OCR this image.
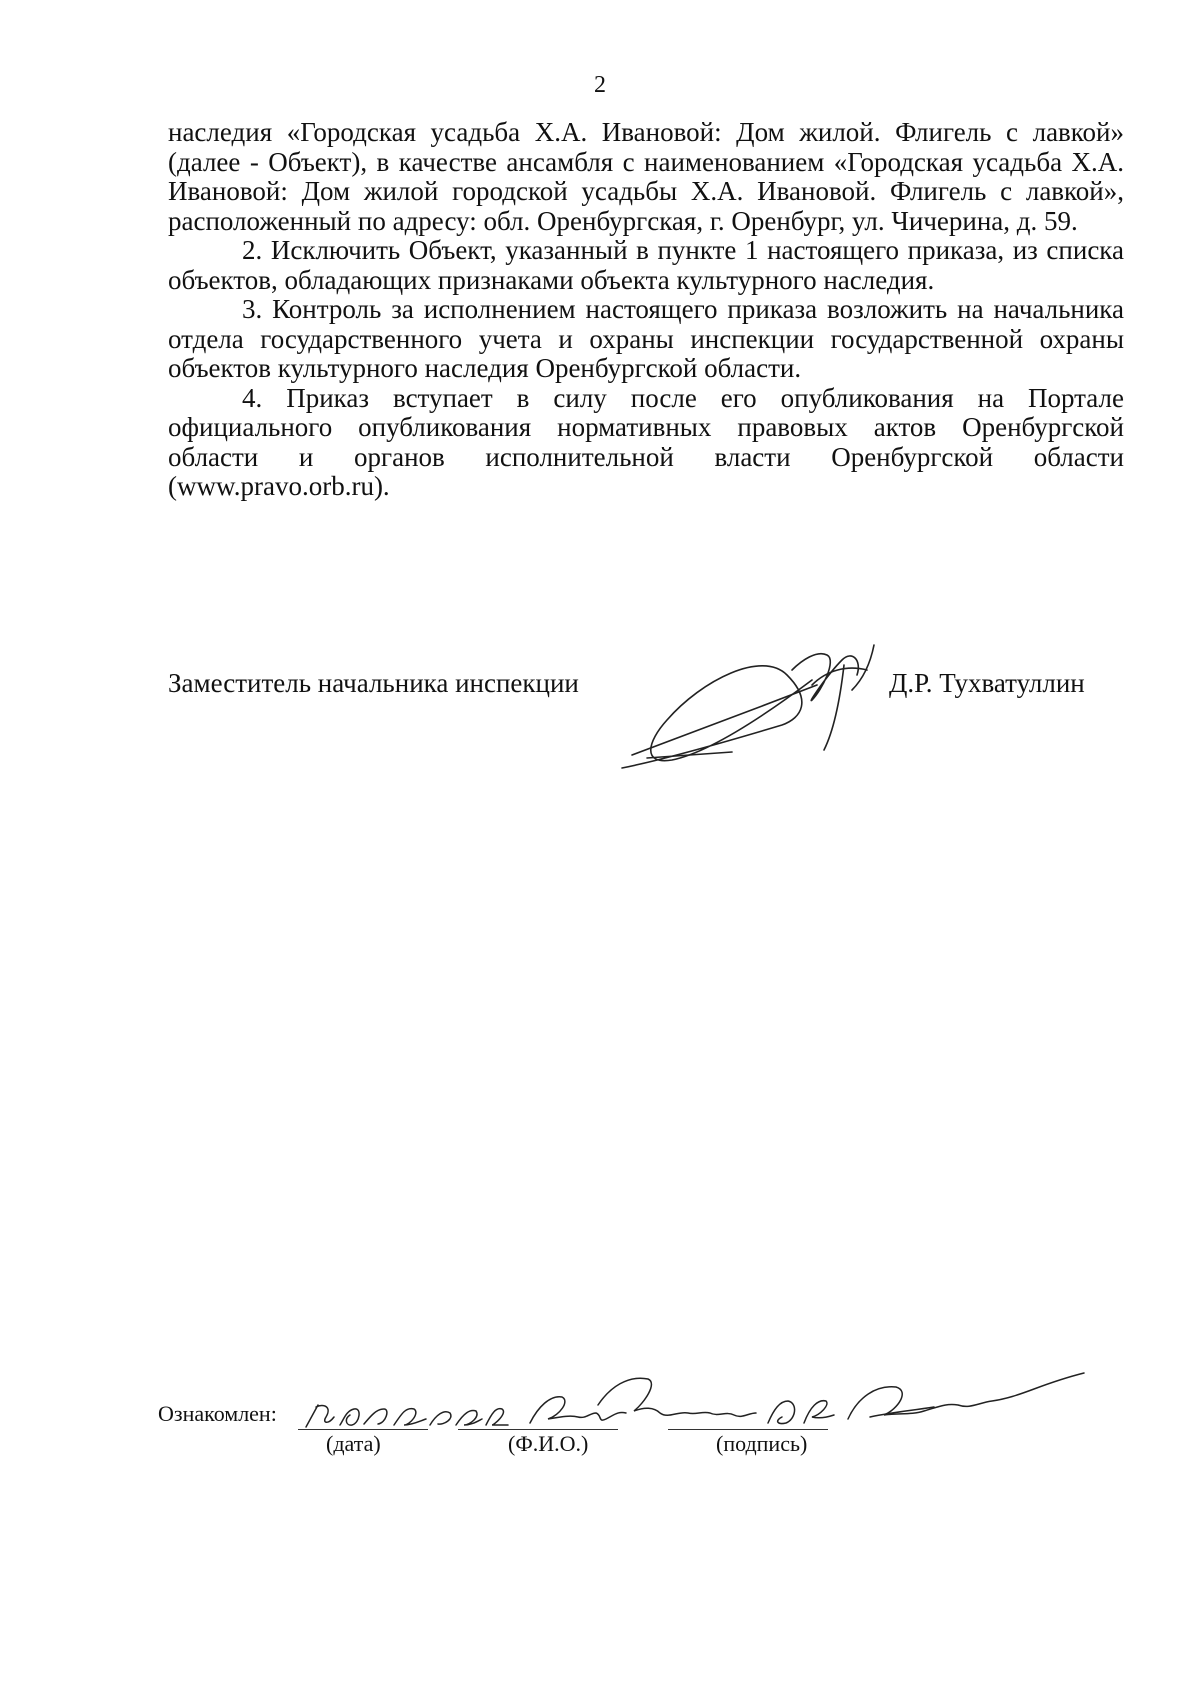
2

наследия «Городская усадьба Х.А. Ивановой: Дом жилой. Флигель с лавкой» (далее - Объект), в качестве ансамбля с наименованием «Городская усадьба Х.А. Ивановой: Дом жилой городской усадьбы Х.А. Ивановой. Флигель с лавкой», расположенный по адресу: обл. Оренбургская, г. Оренбург, ул. Чичерина, д. 59.

2. Исключить Объект, указанный в пункте 1 настоящего приказа, из списка объектов, обладающих признаками объекта культурного наследия.

3. Контроль за исполнением настоящего приказа возложить на начальника отдела государственного учета и охраны инспекции государственной охраны объектов культурного наследия Оренбургской области.

4. Приказ вступает в силу после его опубликования на Портале официального опубликования нормативных правовых актов Оренбургской области и органов исполнительной власти Оренбургской области (www.pravo.orb.ru).

Заместитель начальника инспекции	Д.Р. Тухватуллин
Ознакомлен:
(дата)	(Ф.И.О.)	(подпись)
